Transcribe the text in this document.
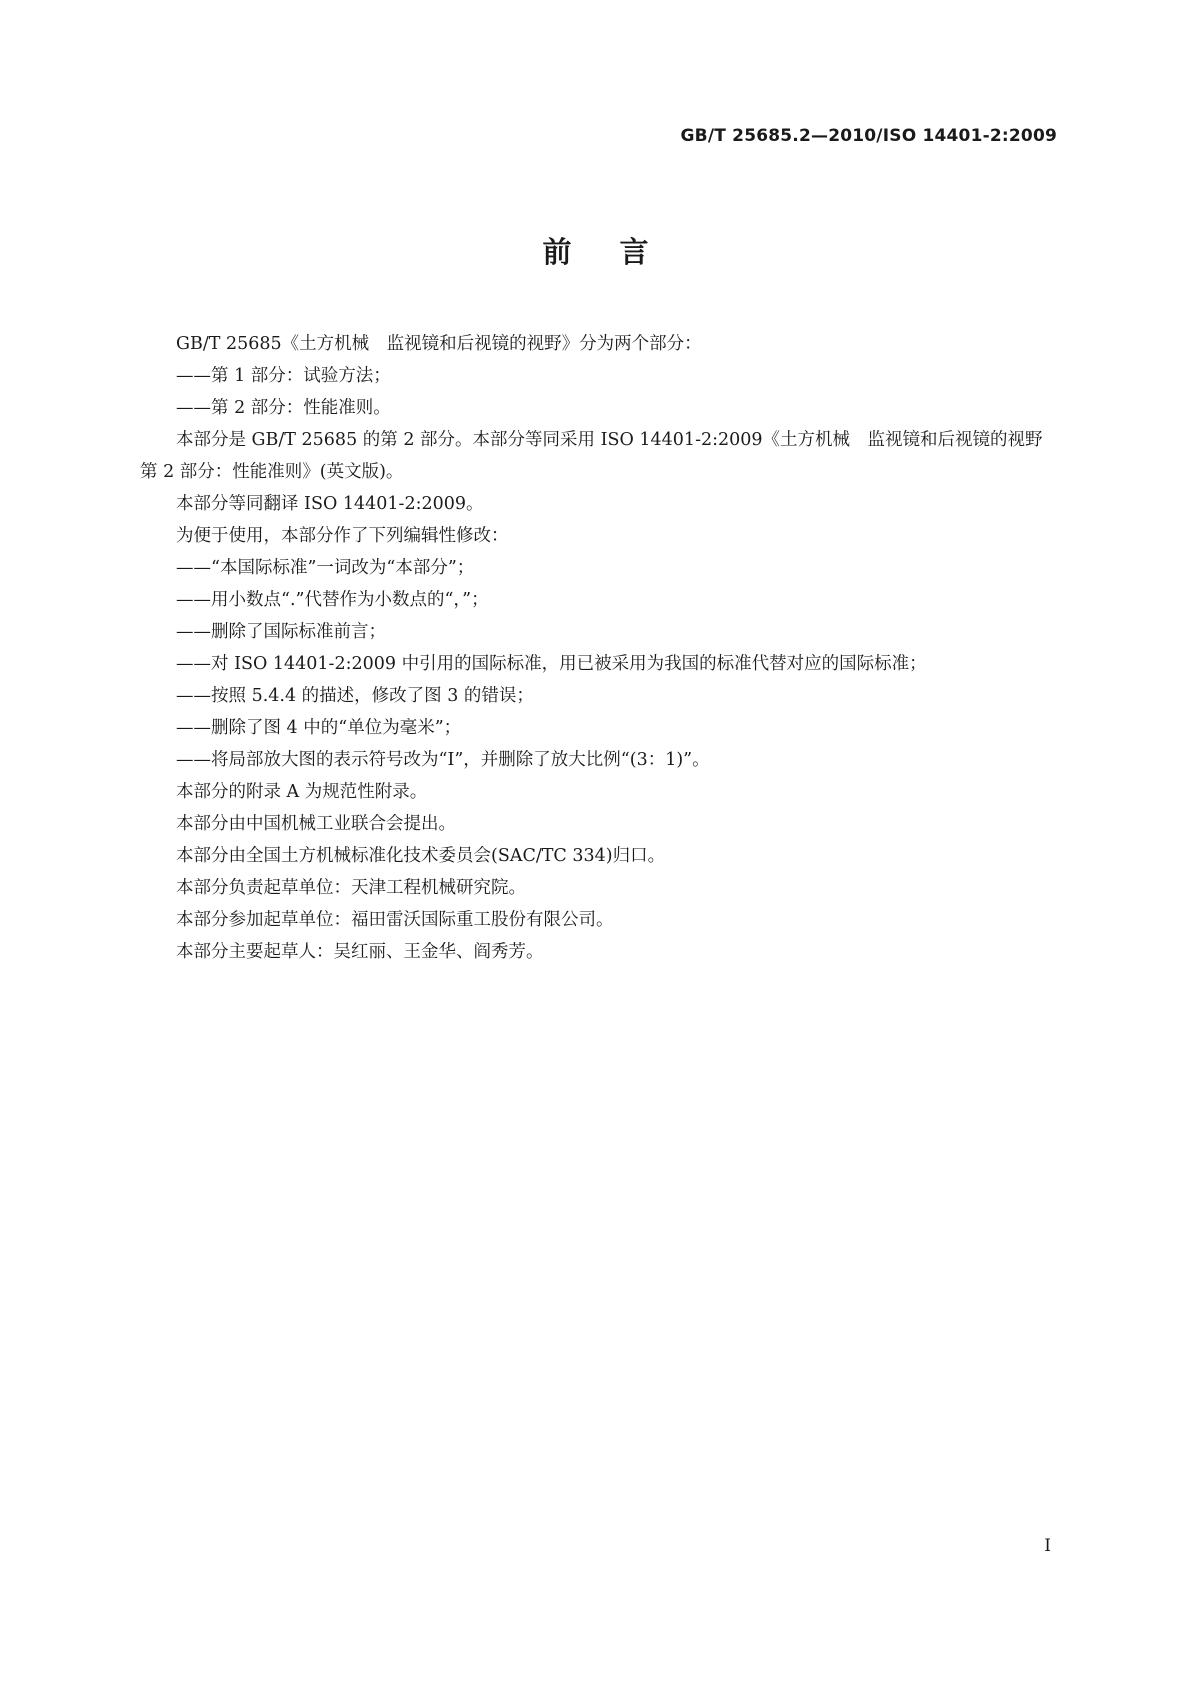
GB/T 25685.2—2010/ISO 14401-2:2009
前言

GB/T 25685《土方机械　监视镜和后视镜的视野》分为两个部分：

——第 1 部分：试验方法；

——第 2 部分：性能准则。

本部分是 GB/T 25685 的第 2 部分。本部分等同采用 ISO 14401-2:2009《土方机械　监视镜和后视镜的视野　第 2 部分：性能准则》(英文版)。

本部分等同翻译 ISO 14401-2:2009。

为便于使用，本部分作了下列编辑性修改：

——“本国际标准”一词改为“本部分”；

——用小数点“.”代替作为小数点的“，”；

——删除了国际标准前言；

——对 ISO 14401-2:2009 中引用的国际标准，用已被采用为我国的标准代替对应的国际标准；

——按照 5.4.4 的描述，修改了图 3 的错误；

——删除了图 4 中的“单位为毫米”；

——将局部放大图的表示符号改为“Ⅰ”，并删除了放大比例“(3：1)”。

本部分的附录 A 为规范性附录。

本部分由中国机械工业联合会提出。

本部分由全国土方机械标准化技术委员会(SAC/TC 334)归口。

本部分负责起草单位：天津工程机械研究院。

本部分参加起草单位：福田雷沃国际重工股份有限公司。

本部分主要起草人：吴红丽、王金华、阎秀芳。

I
